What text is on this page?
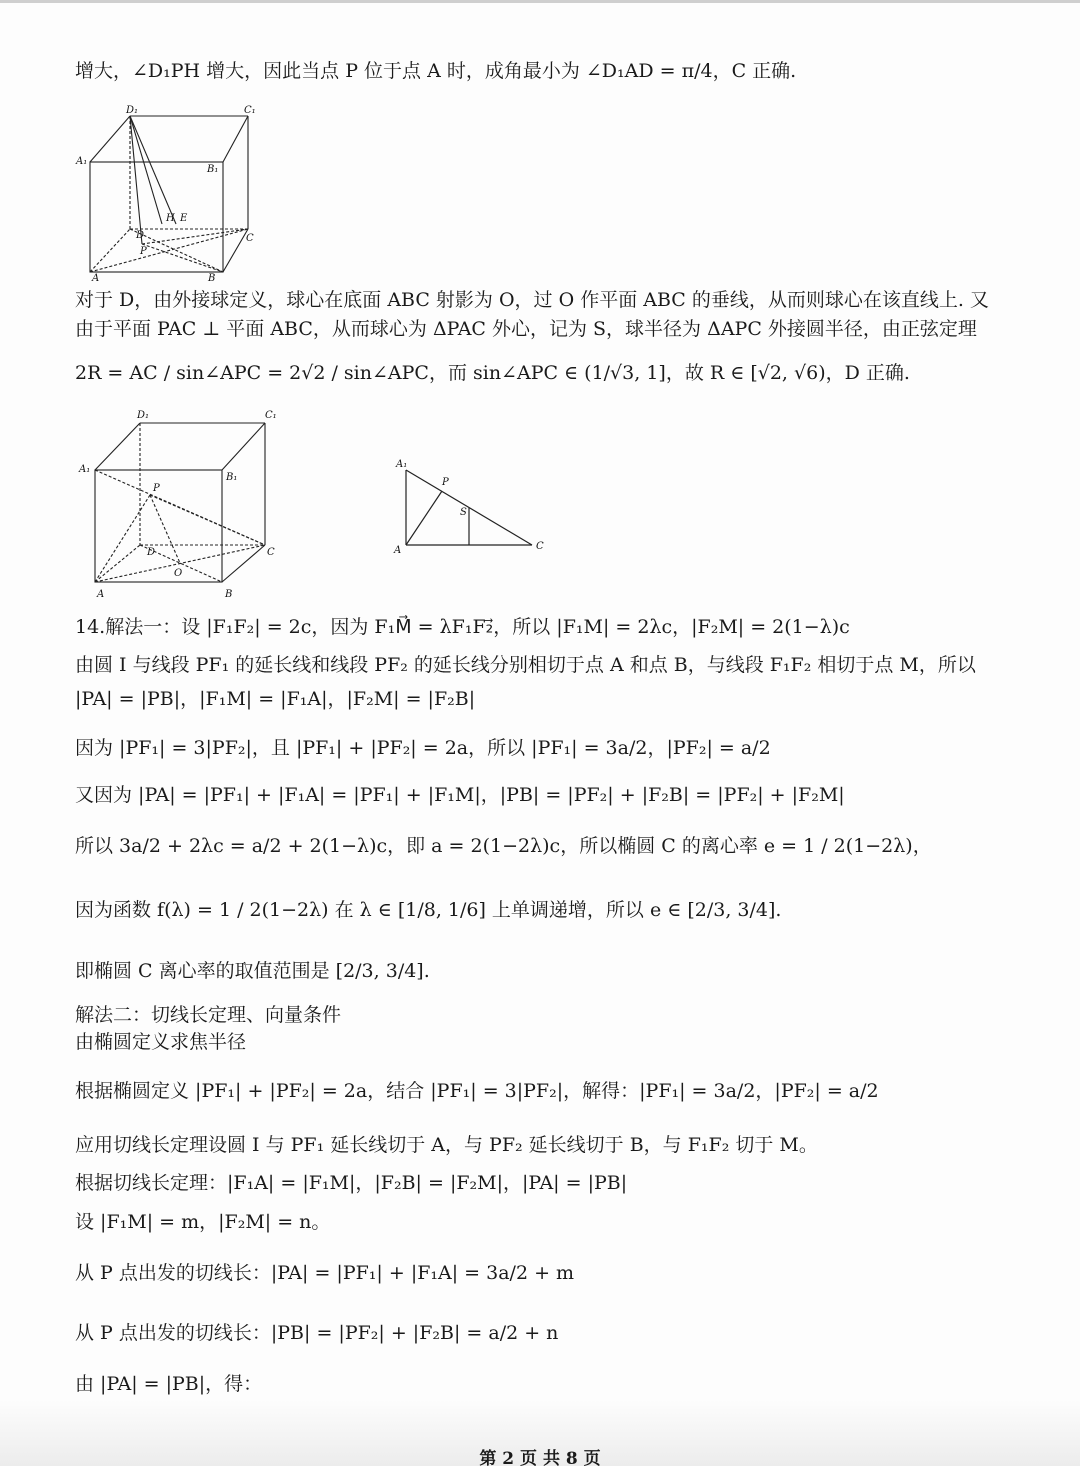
增大，∠D₁PH 增大，因此当点 P 位于点 A 时，成角最小为 ∠D₁AD = π/4，C 正确.
D₁	C₁
A₁
B₁
H E
D
P
C
A	B
对于 D，由外接球定义，球心在底面 ABC 射影为 O，过 O 作平面 ABC 的垂线，从而则球心在该直线上. 又
由于平面 PAC ⊥ 平面 ABC，从而球心为 ΔPAC 外心，记为 S，球半径为 ΔAPC 外接圆半径，由正弦定理
2R = AC / sin∠APC = 2√2 / sin∠APC，而 sin∠APC ∈ (1/√3, 1]，故 R ∈ [√2, √6)，D 正确.
D₁	C₁
A₁
B₁
P
D	C
O
A	B
A₁
P
S
A	C
14.解法一：设 |F₁F₂| = 2c，因为 F₁M⃗ = λF₁F₂⃗，所以 |F₁M| = 2λc，|F₂M| = 2(1−λ)c
由圆 I 与线段 PF₁ 的延长线和线段 PF₂ 的延长线分别相切于点 A 和点 B，与线段 F₁F₂ 相切于点 M，所以
|PA| = |PB|，|F₁M| = |F₁A|，|F₂M| = |F₂B|
因为 |PF₁| = 3|PF₂|，且 |PF₁| + |PF₂| = 2a，所以 |PF₁| = 3a/2，|PF₂| = a/2
又因为 |PA| = |PF₁| + |F₁A| = |PF₁| + |F₁M|，|PB| = |PF₂| + |F₂B| = |PF₂| + |F₂M|
所以 3a/2 + 2λc = a/2 + 2(1−λ)c，即 a = 2(1−2λ)c，所以椭圆 C 的离心率 e = 1 / 2(1−2λ)，
因为函数 f(λ) = 1 / 2(1−2λ) 在 λ ∈ [1/8, 1/6] 上单调递增，所以 e ∈ [2/3, 3/4].
即椭圆 C 离心率的取值范围是 [2/3, 3/4].
解法二：切线长定理、向量条件
由椭圆定义求焦半径
根据椭圆定义 |PF₁| + |PF₂| = 2a，结合 |PF₁| = 3|PF₂|，解得：|PF₁| = 3a/2，|PF₂| = a/2
应用切线长定理设圆 I 与 PF₁ 延长线切于 A，与 PF₂ 延长线切于 B，与 F₁F₂ 切于 M。
根据切线长定理：|F₁A| = |F₁M|，|F₂B| = |F₂M|，|PA| = |PB|
设 |F₁M| = m，|F₂M| = n。
从 P 点出发的切线长：|PA| = |PF₁| + |F₁A| = 3a/2 + m
从 P 点出发的切线长：|PB| = |PF₂| + |F₂B| = a/2 + n
由 |PA| = |PB|，得：
第 2 页 共 8 页
